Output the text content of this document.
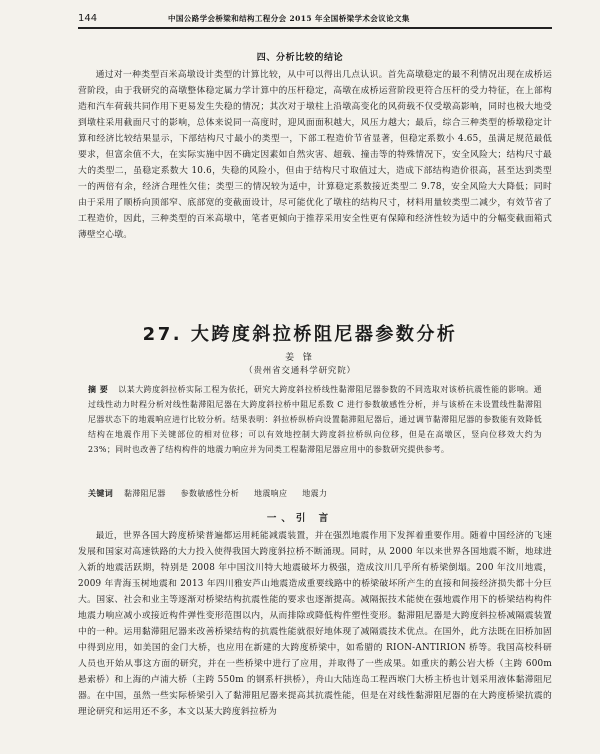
144	中国公路学会桥梁和结构工程分会 2015 年全国桥梁学术会议论文集
四、分析比较的结论

通过对一种类型百米高墩设计类型的计算比较，从中可以得出几点认识。首先高墩稳定的最不利情况出现在成桥运营阶段，由于我研究的高墩整体稳定属力学计算中的压杆稳定，高墩在成桥运营阶段更符合压杆的受力特征，在上部构造和汽车荷载共同作用下更易发生失稳的情况；其次对于墩柱上沿墩高变化的风荷载不仅受墩高影响，同时也极大地受到墩柱采用截面尺寸的影响，总体来说同一高度时，迎风面面积越大，风压力越大；最后，综合三种类型的桥墩稳定计算和经济比较结果显示，下部结构尺寸最小的类型一，下部工程造价节省显著，但稳定系数小 4.65，虽满足规范最低要求，但富余值不大，在实际实施中因不确定因素如自然灾害、超载、撞击等的特殊情况下，安全风险大；结构尺寸最大的类型二，虽稳定系数大 10.6，失稳的风险小，但由于结构尺寸取值过大，造成下部结构造价很高，甚至达到类型一的两倍有余，经济合理性欠佳；类型三的情况较为适中，计算稳定系数接近类型二 9.78，安全风险大大降低；同时由于采用了顺桥向顶部窄、底部宽的变截面设计，尽可能优化了墩柱的结构尺寸，材料用量较类型二减少，有效节省了工程造价，因此，三种类型的百米高墩中，笔者更倾向于推荐采用安全性更有保障和经济性较为适中的分幅变截面箱式薄壁空心墩。

27. 大跨度斜拉桥阻尼器参数分析
姜 锋
（贵州省交通科学研究院）
摘 要 以某大跨度斜拉桥实际工程为依托，研究大跨度斜拉桥线性黏滞阻尼器参数的不同选取对该桥抗震性能的影响。通过线性动力时程分析对线性黏滞阻尼器在大跨度斜拉桥中阻尼系数 C 进行参数敏感性分析，并与该桥在未设置线性黏滞阻尼器状态下的地震响应进行比较分析。结果表明：斜拉桥纵桥向设置黏滞阻尼器后，通过调节黏滞阻尼器的参数能有效降低结构在地震作用下关键部位的相对位移；可以有效地控制大跨度斜拉桥纵向位移，但是在高墩区，竖向位移效大约为 23%；同时也改善了结构构件的地震力响应并为同类工程黏滞阻尼器应用中的参数研究提供参考。
关键词 黏滞阻尼器 参数敏感性分析 地震响应 地震力
一、引 言

最近，世界各国大跨度桥梁普遍都运用耗能减震装置，并在强烈地震作用下发挥着重要作用。随着中国经济的飞速发展和国家对高速铁路的大力投入使得我国大跨度斜拉桥不断涌现。同时，从 2000 年以来世界各国地震不断，地球进入新的地震活跃期，特别是 2008 年中国汶川特大地震破坏力极强，造成汶川几乎所有桥梁倒塌。200 年汶川地震，2009 年青海玉树地震和 2013 年四川雅安芦山地震造成重要线路中的桥梁破坏所产生的直接和间接经济损失都十分巨大。国家、社会和业主等逐渐对桥梁结构抗震性能的要求也逐渐提高。减隔振技术能使在强地震作用下的桥梁结构构件地震力响应减小或接近构件弹性变形范围以内，从而排除或降低构件塑性变形。黏滞阻尼器是大跨度斜拉桥减隔震装置中的一种。运用黏滞阻尼器来改善桥梁结构的抗震性能就很好地体现了减隔震技术优点。在国外，此方法既在旧桥加固中得到应用，如美国的金门大桥，也应用在新建的大跨度桥梁中，如希腊的 RION-ANTIRION 桥等。我国高校科研人员也开始从事这方面的研究，并在一些桥梁中进行了应用，并取得了一些成果。如重庆的鹅公岩大桥（主跨 600m 悬索桥）和上海的卢浦大桥（主跨 550m 的钢系杆拱桥），舟山大陆连岛工程西堠门大桥主桥也计划采用液体黏滞阻尼器。在中国，虽然一些实际桥梁引入了黏滞阻尼器来提高其抗震性能，但是在对线性黏滞阻尼器的在大跨度桥梁抗震的理论研究和运用还不多，本文以某大跨度斜拉桥为
